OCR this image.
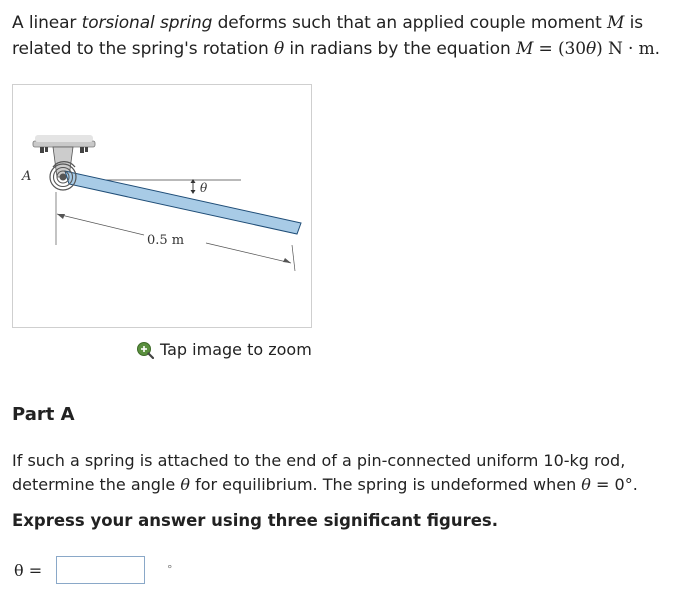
A linear torsional spring deforms such that an applied couple moment M is related to the spring's rotation θ in radians by the equation M = (30θ) N · m.
A
θ
0.5 m
Tap image to zoom
Part A
If such a spring is attached to the end of a pin-connected uniform 10-kg rod, determine the angle θ for equilibrium. The spring is undeformed when θ = 0°.
Express your answer using three significant figures.
θ =	°
